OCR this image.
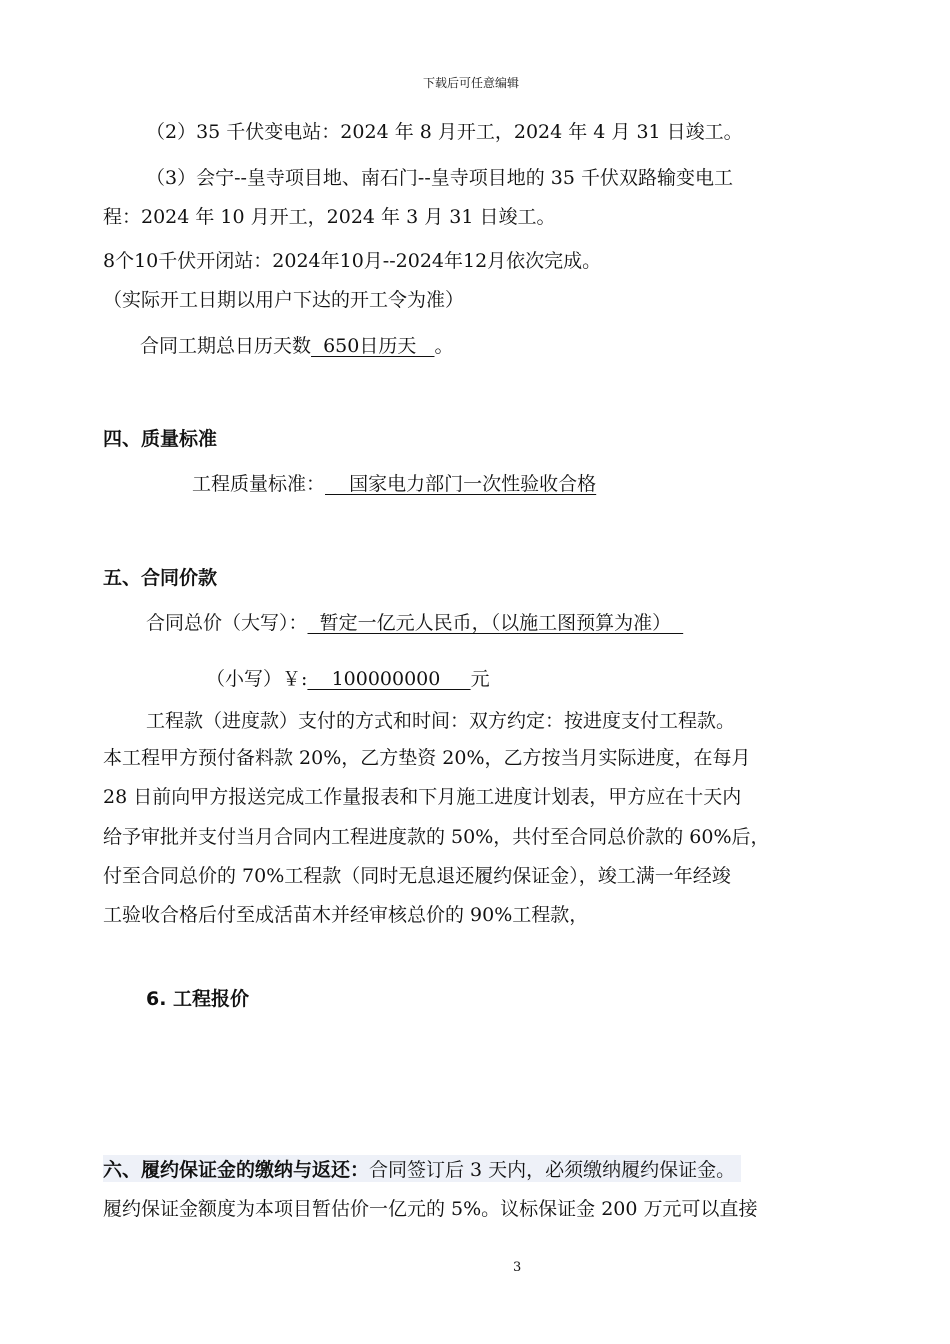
下载后可任意编辑
（2）35 千伏变电站：2024 年 8 月开工，2024 年 4 月 31 日竣工。
（3）会宁--皇寺项目地、南石门--皇寺项目地的 35 千伏双路输变电工
程：2024 年 10 月开工，2024 年 3 月 31 日竣工。
8个10千伏开闭站：2024年10月--2024年12月依次完成。
（实际开工日期以用户下达的开工令为准）
合同工期总日历天数  650日历天   。
四、质量标准
工程质量标准：    国家电力部门一次性验收合格
五、合同价款
合同总价（大写）：  暂定一亿元人民币，（以施工图预算为准）
（小写）￥:    100000000     元
工程款（进度款）支付的方式和时间：双方约定：按进度支付工程款。
本工程甲方预付备料款 20%，乙方垫资 20%，乙方按当月实际进度，在每月
28 日前向甲方报送完成工作量报表和下月施工进度计划表，甲方应在十天内
给予审批并支付当月合同内工程进度款的 50%，共付至合同总价款的 60%后，
付至合同总价的 70%工程款（同时无息退还履约保证金），竣工满一年经竣
工验收合格后付至成活苗木并经审核总价的 90%工程款，
6. 工程报价
六、履约保证金的缴纳与返还：合同签订后 3 天内，必须缴纳履约保证金。
履约保证金额度为本项目暂估价一亿元的 5%。议标保证金 200 万元可以直接
3
